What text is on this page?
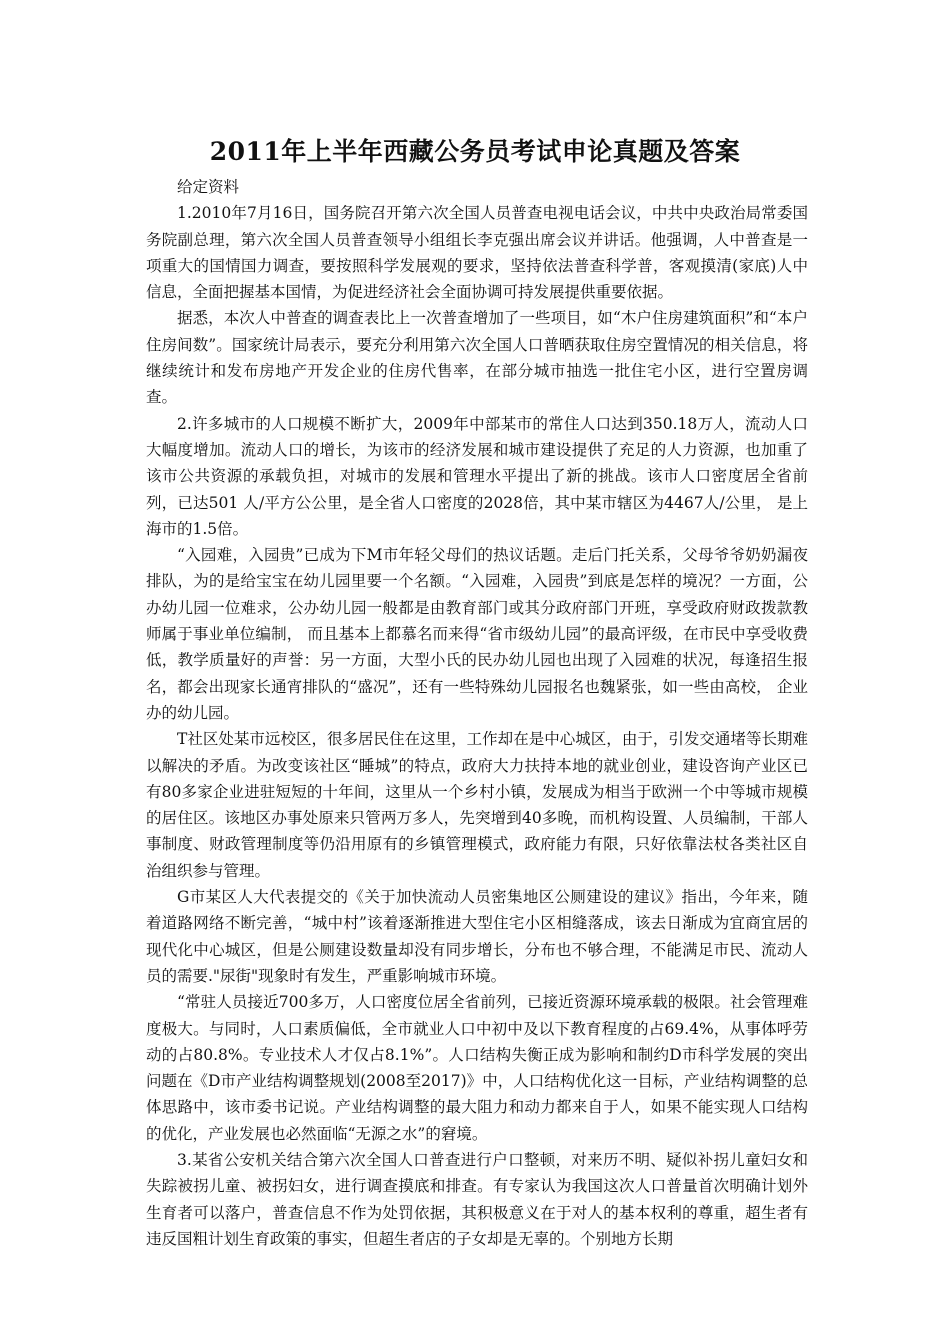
2011年上半年西藏公务员考试申论真题及答案

给定资料

1.2010年7月16日，国务院召开第六次全国人员普查电视电话会议，中共中央政治局常委国务院副总理，第六次全国人员普查领导小组组长李克强出席会议并讲话。他强调，人中普查是一项重大的国情国力调查，要按照科学发展观的要求，坚持依法普查科学普，客观摸清(家底)人中信息，全面把握基本国情，为促进经济社会全面协调可持发展提供重要依据。

据悉，本次人中普查的调查表比上一次普查增加了一些项目，如“木户住房建筑面积”和“本户住房间数”。国家统计局表示，要充分利用第六次全国人口普晒获取住房空置情况的相关信息，将继续统计和发布房地产开发企业的住房代售率，在部分城市抽选一批住宅小区，进行空置房调查。

2.许多城市的人口规模不断扩大，2009年中部某市的常住人口达到350.18万人，流动人口大幅度增加。流动人口的增长，为该市的经济发展和城市建设提供了充足的人力资源，也加重了该市公共资源的承载负担，对城市的发展和管理水平提出了新的挑战。该市人口密度居全省前列，已达501 人/平方公公里，是全省人口密度的2028倍，其中某市辖区为4467人/公里， 是上海市的1.5倍。

“入园难，入园贵”已成为下M市年轻父母们的热议话题。走后门托关系，父母爷爷奶奶漏夜排队，为的是给宝宝在幼儿园里要一个名额。“入园难，入园贵”到底是怎样的境况？一方面，公办幼儿园一位难求，公办幼儿园一般都是由教育部门或其分政府部门开班，享受政府财政拨款教师属于事业单位编制， 而且基本上都慕名而来得“省市级幼儿园”的最高评级，在市民中享受收费低，教学质量好的声誉：另一方面，大型小氏的民办幼儿园也出现了入园难的状况，每逢招生报名，都会出现家长通宵排队的“盛况”，还有一些特殊幼儿园报名也魏紧张，如一些由高校， 企业办的幼儿园。

T社区处某市远校区，很多居民住在这里，工作却在是中心城区，由于，引发交通堵等长期难以解决的矛盾。为改变该社区“睡城”的特点，政府大力扶持本地的就业创业，建设咨询产业区已有80多家企业进驻短短的十年间，这里从一个乡村小镇，发展成为相当于欧洲一个中等城市规模的居住区。该地区办事处原来只管两万多人，先突增到40多晚，而机构设置、人员编制，干部人事制度、财政管理制度等仍沿用原有的乡镇管理模式，政府能力有限，只好依靠法杖各类社区自治组织参与管理。

G市某区人大代表提交的《关于加快流动人员密集地区公厕建设的建议》指出，今年来，随着道路网络不断完善，“城中村”该着逐渐推进大型住宅小区相缝落成，该去日渐成为宜商宜居的现代化中心城区，但是公厕建设数量却没有同步增长，分布也不够合理，不能满足市民、流动人员的需要."尿街"现象时有发生，严重影响城市环境。

“常驻人员接近700多万，人口密度位居全省前列，已接近资源环境承载的极限。社会管理难度极大。与同时，人口素质偏低，全市就业人口中初中及以下教育程度的占69.4%，从事体呼劳动的占80.8%。专业技术人才仅占8.1%”。人口结构失衡正成为影响和制约D市科学发展的突出问题在《D市产业结构调整规划(2008至2017)》中，人口结构优化这一目标，产业结构调整的总体思路中，该市委书记说。产业结构调整的最大阻力和动力都来自于人，如果不能实现人口结构的优化，产业发展也必然面临“无源之水”的窘境。

3.某省公安机关结合第六次全国人口普查进行户口整顿，对来历不明、疑似补拐儿童妇女和失踪被拐儿童、被拐妇女，进行调查摸底和排查。有专家认为我国这次人口普量首次明确计划外生育者可以落户，普查信息不作为处罚依据，其积极意义在于对人的基本权利的尊重，超生者有违反国粗计划生育政策的事实，但超生者店的子女却是无辜的。个别地方长期
